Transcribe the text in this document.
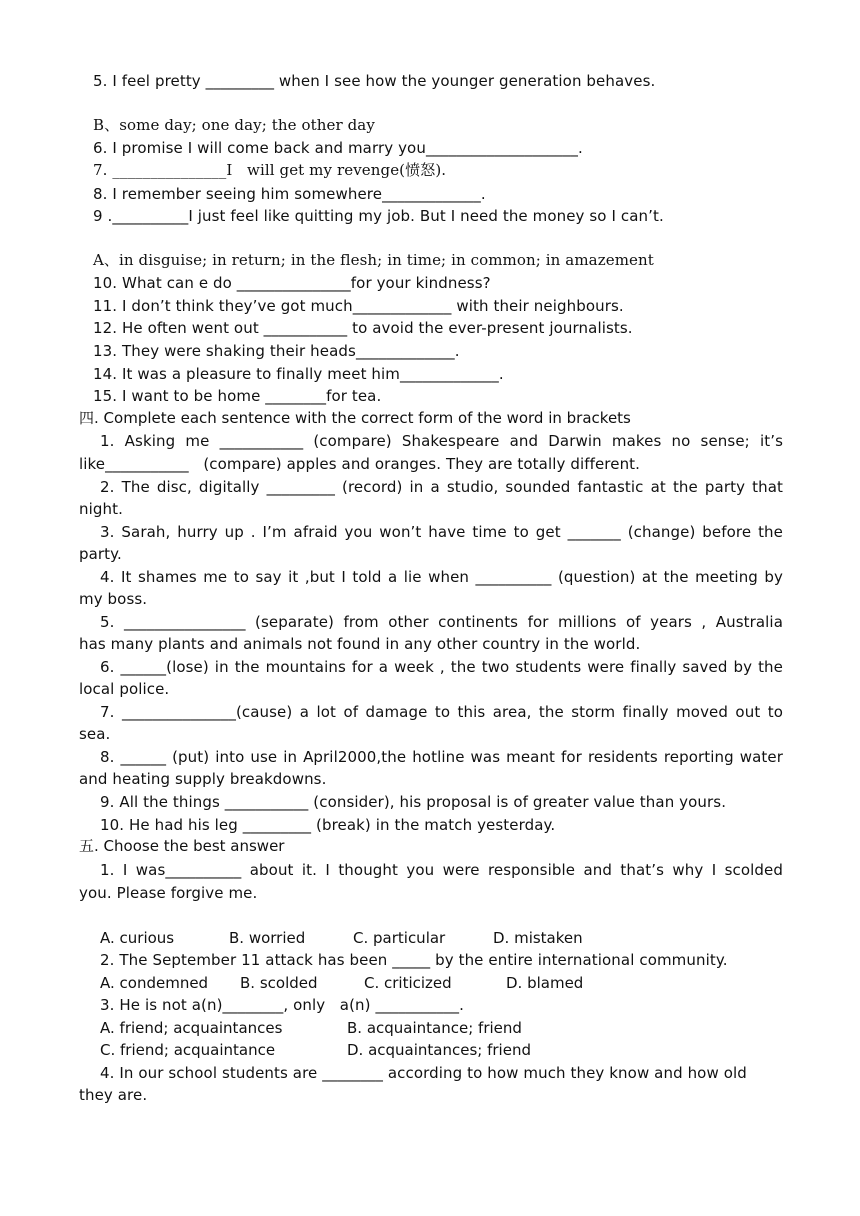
5. I feel pretty _________ when I see how the younger generation behaves.
B、some day; one day; the other day
6. I promise I will come back and marry you____________________.
7. _______________I   will get my revenge(愤怒).
8. I remember seeing him somewhere_____________.
9 .__________I just feel like quitting my job. But I need the money so I can’t.
A、in disguise; in return; in the flesh; in time; in common; in amazement
10. What can e do _______________for your kindness?
11. I don’t think they’ve got much_____________ with their neighbours.
12. He often went out ___________ to avoid the ever-present journalists.
13. They were shaking their heads_____________.
14. It was a pleasure to finally meet him_____________.
15. I want to be home ________for tea.
四. Complete each sentence with the correct form of the word in brackets
1. Asking me ___________ (compare) Shakespeare and Darwin makes no sense; it’s
like___________   (compare) apples and oranges. They are totally different.
2. The disc, digitally _________ (record) in a studio, sounded fantastic at the party that
night.
3. Sarah, hurry up . I’m afraid you won’t have time to get _______ (change) before the
party.
4. It shames me to say it ,but I told a lie when __________ (question) at the meeting by
my boss.
5. ________________ (separate) from other continents for millions of years , Australia
has many plants and animals not found in any other country in the world.
6. ______(lose) in the mountains for a week , the two students were finally saved by the
local police.
7. _______________(cause) a lot of damage to this area, the storm finally moved out to
sea.
8. ______ (put) into use in April2000,the hotline was meant for residents reporting water
and heating supply breakdowns.
9. All the things ___________ (consider), his proposal is of greater value than yours.
10. He had his leg _________ (break) in the match yesterday.
五. Choose the best answer
1. I was__________ about it. I thought you were responsible and that’s why I scolded
you. Please forgive me.
A. curious	B. worried	C. particular	D. mistaken
2. The September 11 attack has been _____ by the entire international community.
A. condemned B. scolded	C. criticized	D. blamed
3. He is not a(n)________, only   a(n) ___________.
A. friend; acquaintances	B. acquaintance; friend
C. friend; acquaintance	D. acquaintances; friend
4. In our school students are ________ according to how much they know and how old
they are.
